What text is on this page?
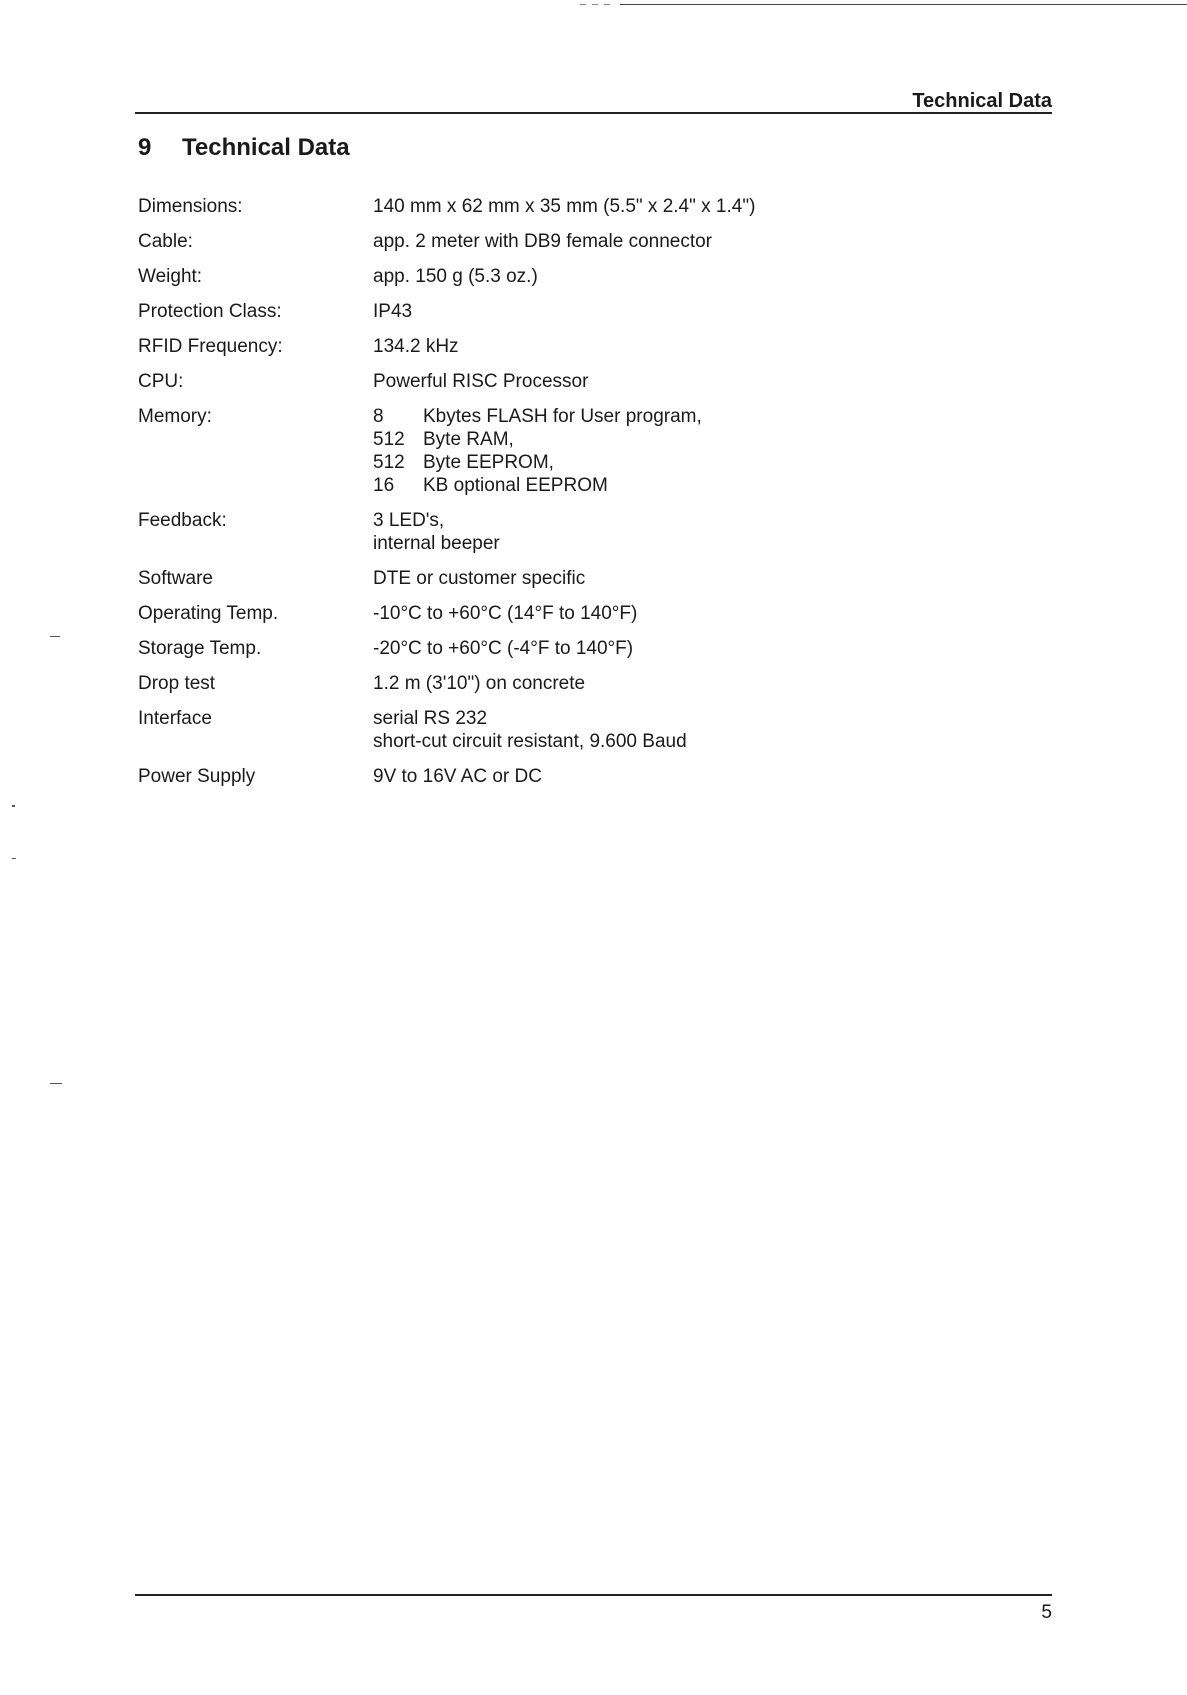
Technical Data
9 Technical Data
Dimensions:	140 mm x 62 mm x 35 mm (5.5" x 2.4" x 1.4")
Cable:	app. 2 meter with DB9 female connector
Weight:	app. 150 g (5.3 oz.)
Protection Class:	IP43
RFID Frequency:	134.2 kHz
CPU:	Powerful RISC Processor
Memory:	8	Kbytes FLASH for User program,
512 Byte RAM,
512 Byte EEPROM,
16	KB optional EEPROM
Feedback:	3 LED's,
internal beeper
Software	DTE or customer specific
Operating Temp.	-10°C to +60°C (14°F to 140°F)
Storage Temp.	-20°C to +60°C (-4°F to 140°F)
Drop test	1.2 m (3'10") on concrete
Interface	serial RS 232
short-cut circuit resistant, 9.600 Baud
Power Supply	9V to 16V AC or DC
5
